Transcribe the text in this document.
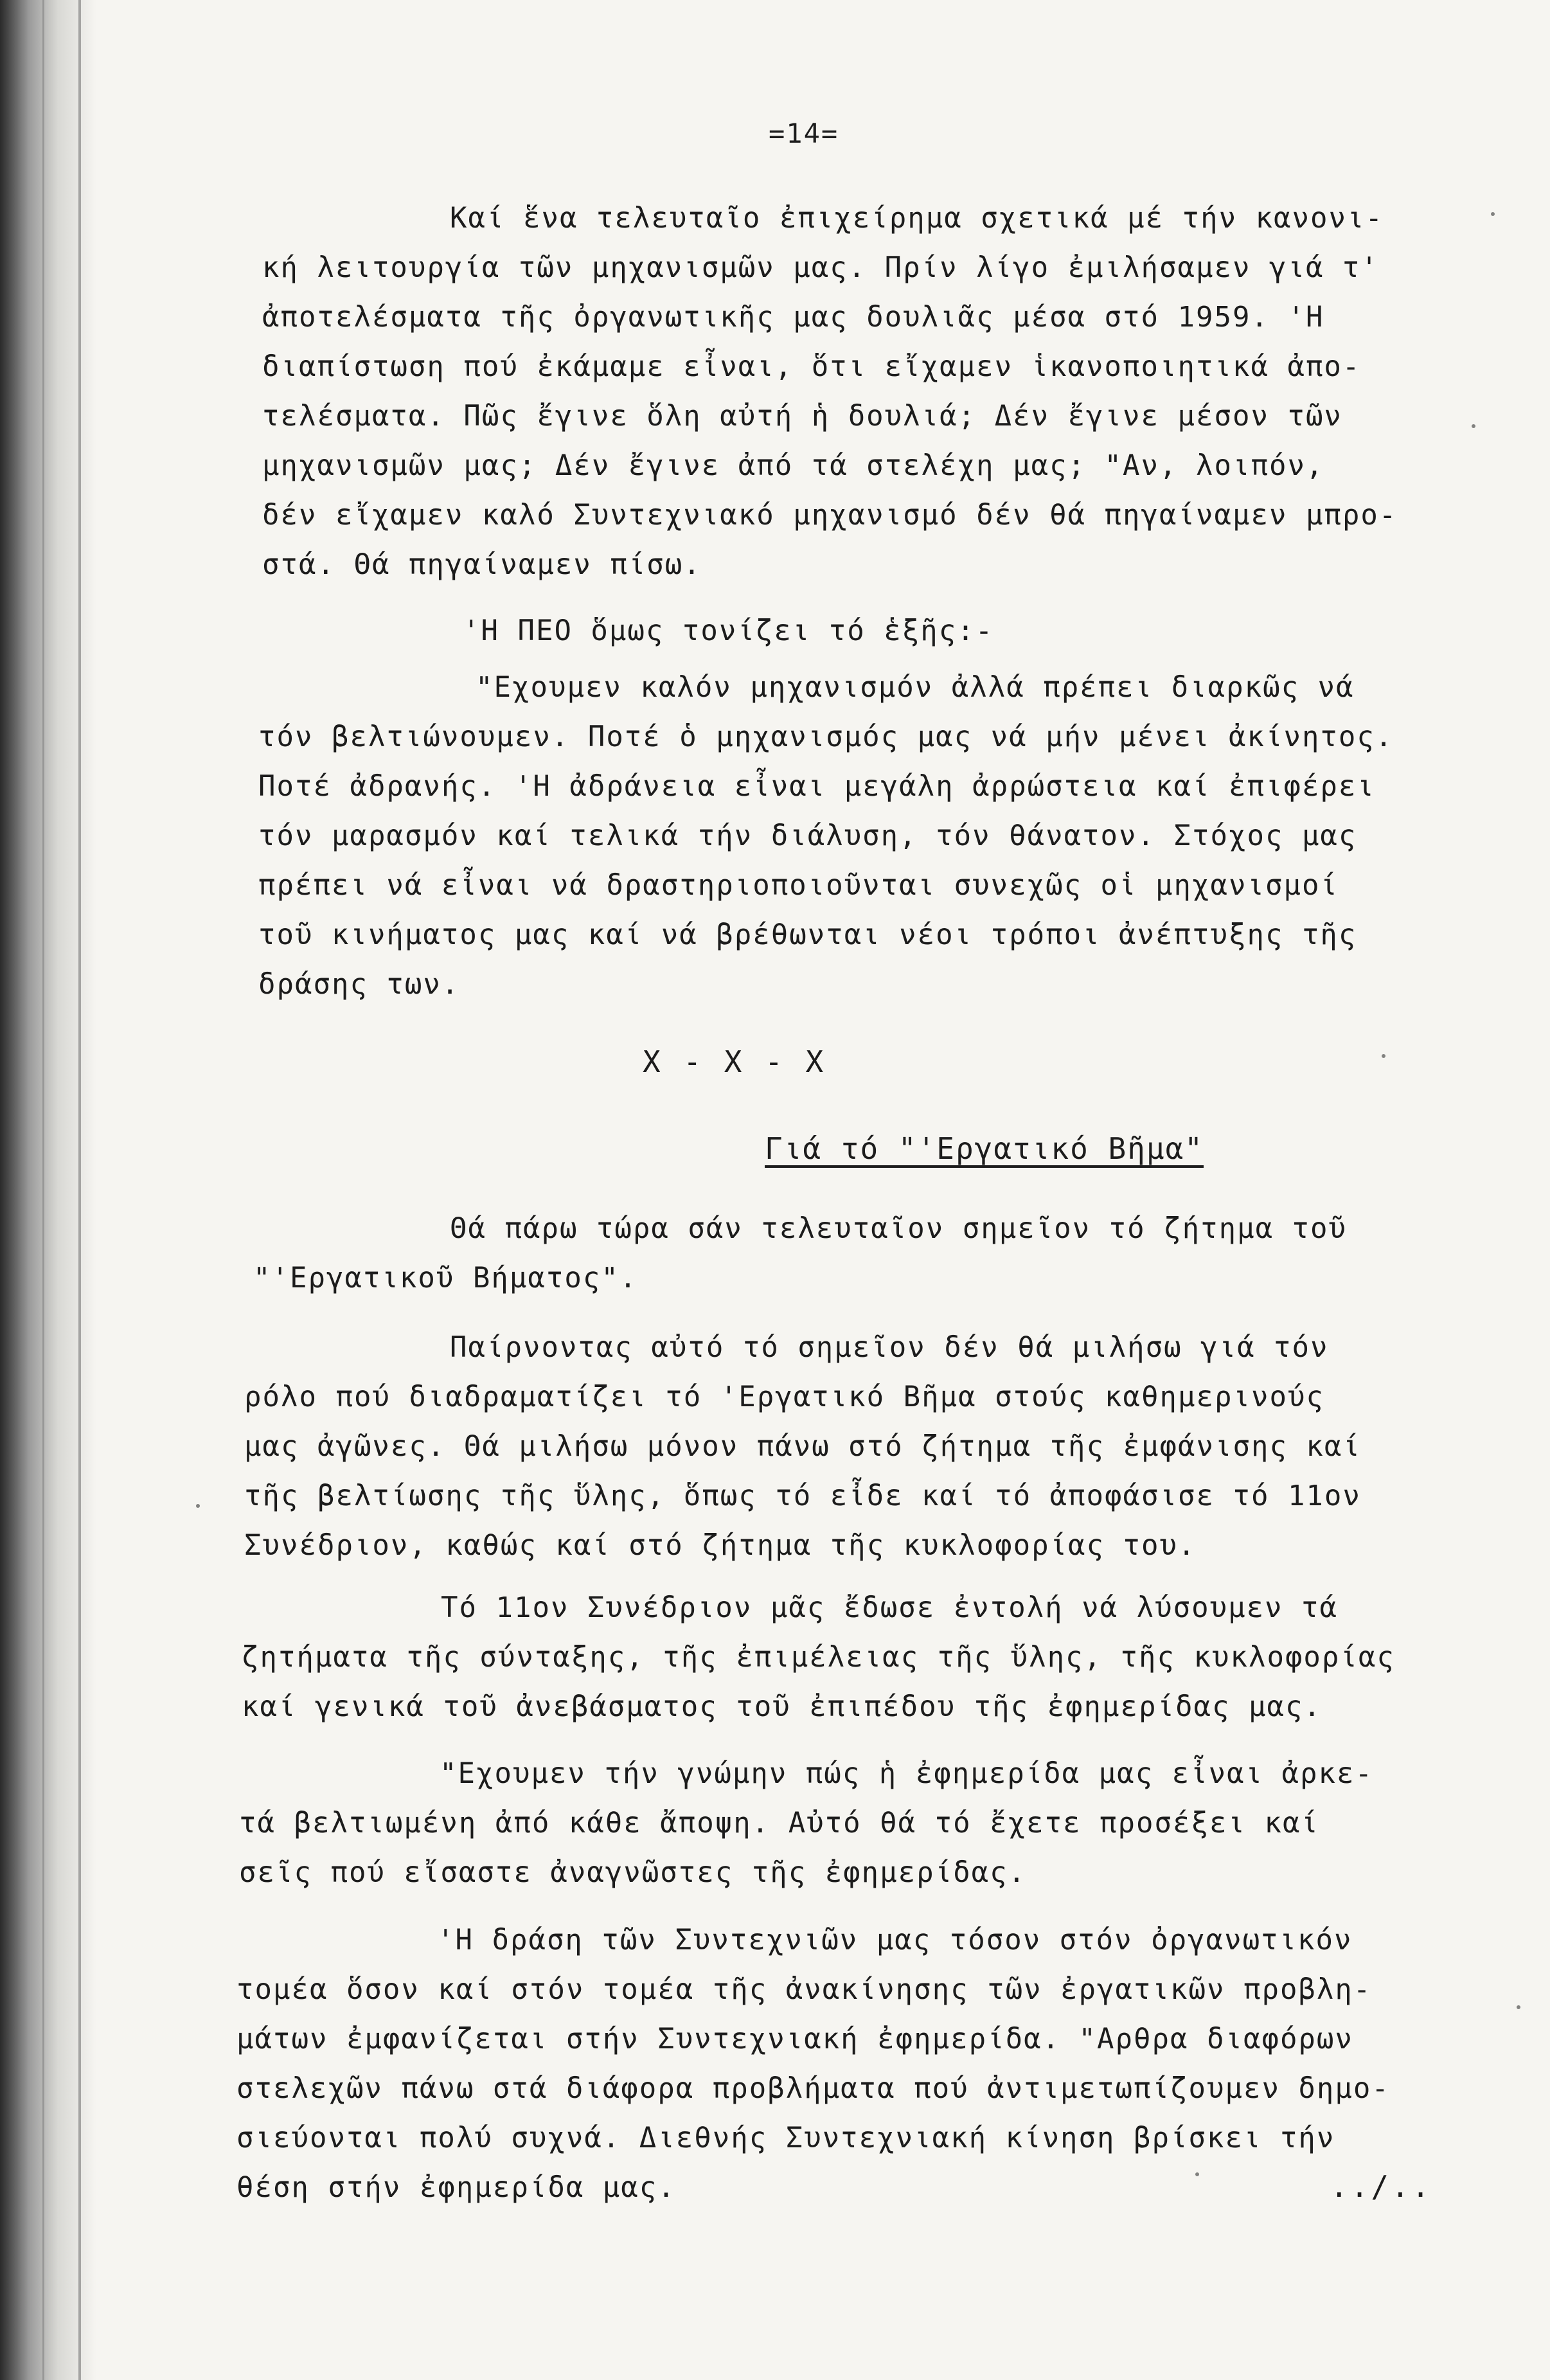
=14=
Καί ἕνα τελευταῖο ἐπιχείρημα σχετικά μέ τήν κανονι-
κή λειτουργία τῶν μηχανισμῶν μας. Πρίν λίγο ἐμιλήσαμεν γιά τ'
ἀποτελέσματα τῆς ὀργανωτικῆς μας δουλιᾶς μέσα στό 1959. 'Η
διαπίστωση πού ἐκάμαμε εἶναι, ὅτι εἴχαμεν ἱκανοποιητικά ἀπο-
τελέσματα. Πῶς ἔγινε ὅλη αὐτή ἡ δουλιά; Δέν ἔγινε μέσον τῶν
μηχανισμῶν μας; Δέν ἔγινε ἀπό τά στελέχη μας; "Αν, λοιπόν,
δέν εἴχαμεν καλό Συντεχνιακό μηχανισμό δέν θά πηγαίναμεν μπρο-
στά. Θά πηγαίναμεν πίσω.
'Η ΠΕΟ ὅμως τονίζει τό ἑξῆς:-
"Εχουμεν καλόν μηχανισμόν ἀλλά πρέπει διαρκῶς νά
τόν βελτιώνουμεν. Ποτέ ὁ μηχανισμός μας νά μήν μένει ἀκίνητος.
Ποτέ ἀδρανής. 'Η ἀδράνεια εἶναι μεγάλη ἀρρώστεια καί ἐπιφέρει
τόν μαρασμόν καί τελικά τήν διάλυση, τόν θάνατον. Στόχος μας
πρέπει νά εἶναι νά δραστηριοποιοῦνται συνεχῶς οἱ μηχανισμοί
τοῦ κινήματος μας καί νά βρέθωνται νέοι τρόποι ἀνέπτυξης τῆς
δράσης των.
X - X - X
Γιά τό "'Εργατικό Βῆμα"
Θά πάρω τώρα σάν τελευταῖον σημεῖον τό ζήτημα τοῦ
"'Εργατικοῦ Βήματος".
Παίρνοντας αὐτό τό σημεῖον δέν θά μιλήσω γιά τόν
ρόλο πού διαδραματίζει τό 'Εργατικό Βῆμα στούς καθημερινούς
μας ἀγῶνες. Θά μιλήσω μόνον πάνω στό ζήτημα τῆς ἐμφάνισης καί
τῆς βελτίωσης τῆς ὕλης, ὅπως τό εἶδε καί τό ἀποφάσισε τό 11ον
Συνέδριον, καθώς καί στό ζήτημα τῆς κυκλοφορίας του.
Τό 11ον Συνέδριον μᾶς ἔδωσε ἐντολή νά λύσουμεν τά
ζητήματα τῆς σύνταξης, τῆς ἐπιμέλειας τῆς ὕλης, τῆς κυκλοφορίας
καί γενικά τοῦ ἀνεβάσματος τοῦ ἐπιπέδου τῆς ἐφημερίδας μας.
"Εχουμεν τήν γνώμην πώς ἡ ἐφημερίδα μας εἶναι ἀρκε-
τά βελτιωμένη ἀπό κάθε ἄποψη. Αὐτό θά τό ἔχετε προσέξει καί
σεῖς πού εἴσαστε ἀναγνῶστες τῆς ἐφημερίδας.
'Η δράση τῶν Συντεχνιῶν μας τόσον στόν ὀργανωτικόν
τομέα ὅσον καί στόν τομέα τῆς ἀνακίνησης τῶν ἐργατικῶν προβλη-
μάτων ἐμφανίζεται στήν Συντεχνιακή ἐφημερίδα. "Αρθρα διαφόρων
στελεχῶν πάνω στά διάφορα προβλήματα πού ἀντιμετωπίζουμεν δημο-
σιεύονται πολύ συχνά. Διεθνής Συντεχνιακή κίνηση βρίσκει τήν
θέση στήν ἐφημερίδα μας.	../..
